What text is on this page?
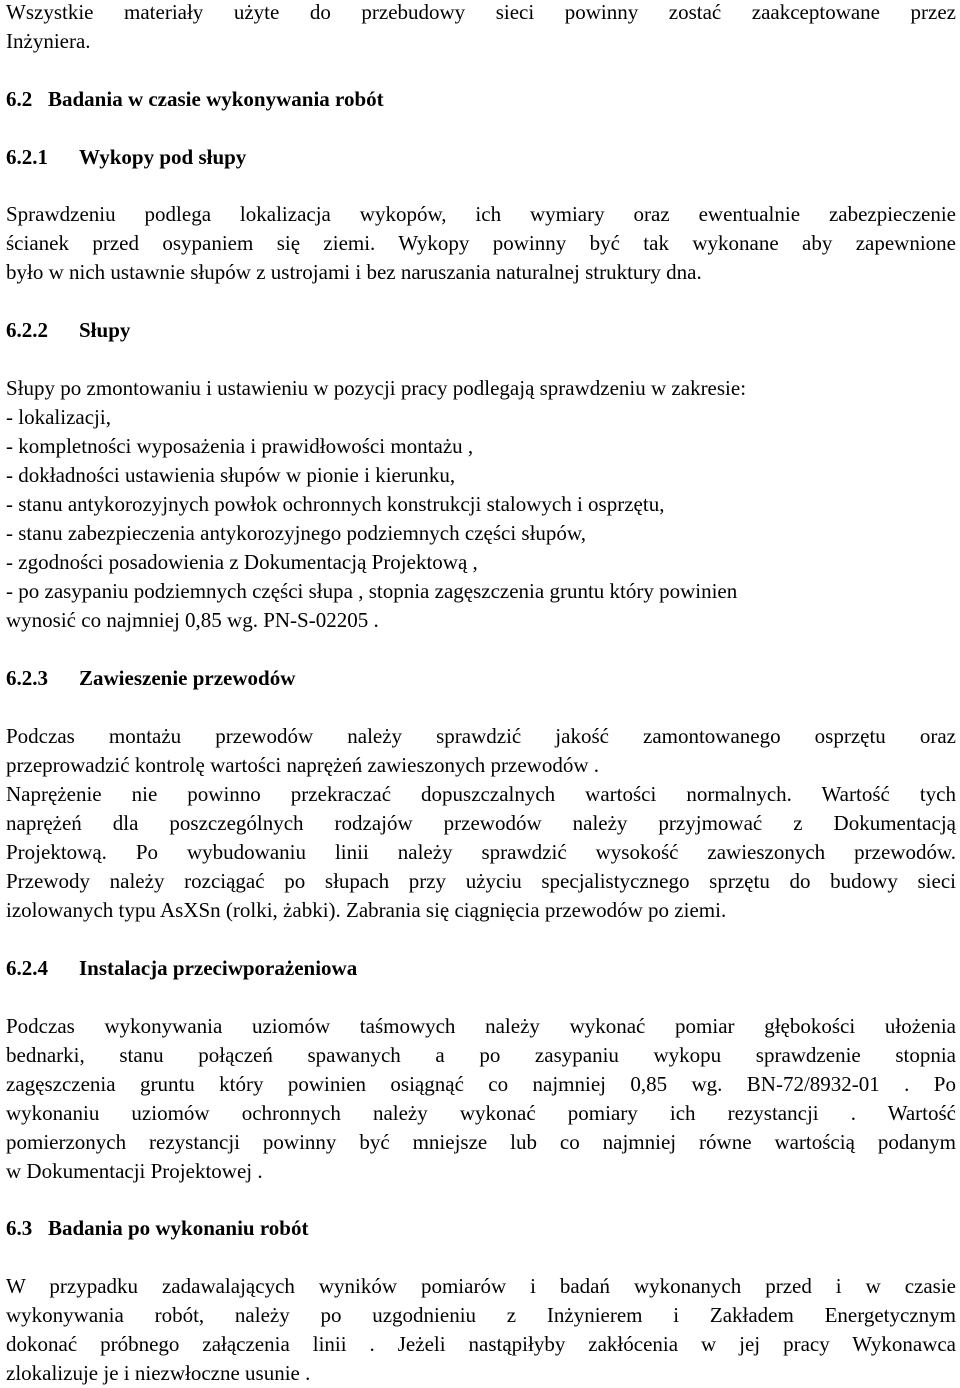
Wszystkie materiały użyte do przebudowy sieci powinny zostać zaakceptowane przez
Inżyniera.
6.2 Badania w czasie wykonywania robót
6.2.1 Wykopy pod słupy
Sprawdzeniu podlega lokalizacja wykopów, ich wymiary oraz ewentualnie zabezpieczenie
ścianek przed osypaniem się ziemi. Wykopy powinny być tak wykonane aby zapewnione
było w nich ustawnie słupów z ustrojami i bez naruszania naturalnej struktury dna.
6.2.2 Słupy
Słupy po zmontowaniu i ustawieniu w pozycji pracy podlegają sprawdzeniu w zakresie:
- lokalizacji,
- kompletności wyposażenia i prawidłowości montażu ,
- dokładności ustawienia słupów w pionie i kierunku,
- stanu antykorozyjnych powłok ochronnych konstrukcji stalowych i osprzętu,
- stanu zabezpieczenia antykorozyjnego podziemnych części słupów,
- zgodności posadowienia z Dokumentacją Projektową ,
- po zasypaniu podziemnych części słupa , stopnia zagęszczenia gruntu który powinien
wynosić co najmniej 0,85 wg. PN-S-02205 .
6.2.3 Zawieszenie przewodów
Podczas montażu przewodów należy sprawdzić jakość zamontowanego osprzętu oraz
przeprowadzić kontrolę wartości naprężeń zawieszonych przewodów .
Naprężenie nie powinno przekraczać dopuszczalnych wartości normalnych. Wartość tych
naprężeń dla poszczególnych rodzajów przewodów należy przyjmować z Dokumentacją
Projektową. Po wybudowaniu linii należy sprawdzić wysokość zawieszonych przewodów.
Przewody należy rozciągać po słupach przy użyciu specjalistycznego sprzętu do budowy sieci
izolowanych typu AsXSn (rolki, żabki). Zabrania się ciągnięcia przewodów po ziemi.
6.2.4 Instalacja przeciwporażeniowa
Podczas wykonywania uziomów taśmowych należy wykonać pomiar głębokości ułożenia
bednarki, stanu połączeń spawanych a po zasypaniu wykopu sprawdzenie stopnia
zagęszczenia gruntu który powinien osiągnąć co najmniej 0,85 wg. BN-72/8932-01 . Po
wykonaniu uziomów ochronnych należy wykonać pomiary ich rezystancji . Wartość
pomierzonych rezystancji powinny być mniejsze lub co najmniej równe wartością podanym
w Dokumentacji Projektowej .
6.3 Badania po wykonaniu robót
W przypadku zadawalających wyników pomiarów i badań wykonanych przed i w czasie
wykonywania robót, należy po uzgodnieniu z Inżynierem i Zakładem Energetycznym
dokonać próbnego załączenia linii . Jeżeli nastąpiłyby zakłócenia w jej pracy Wykonawca
zlokalizuje je i niezwłoczne usunie .
